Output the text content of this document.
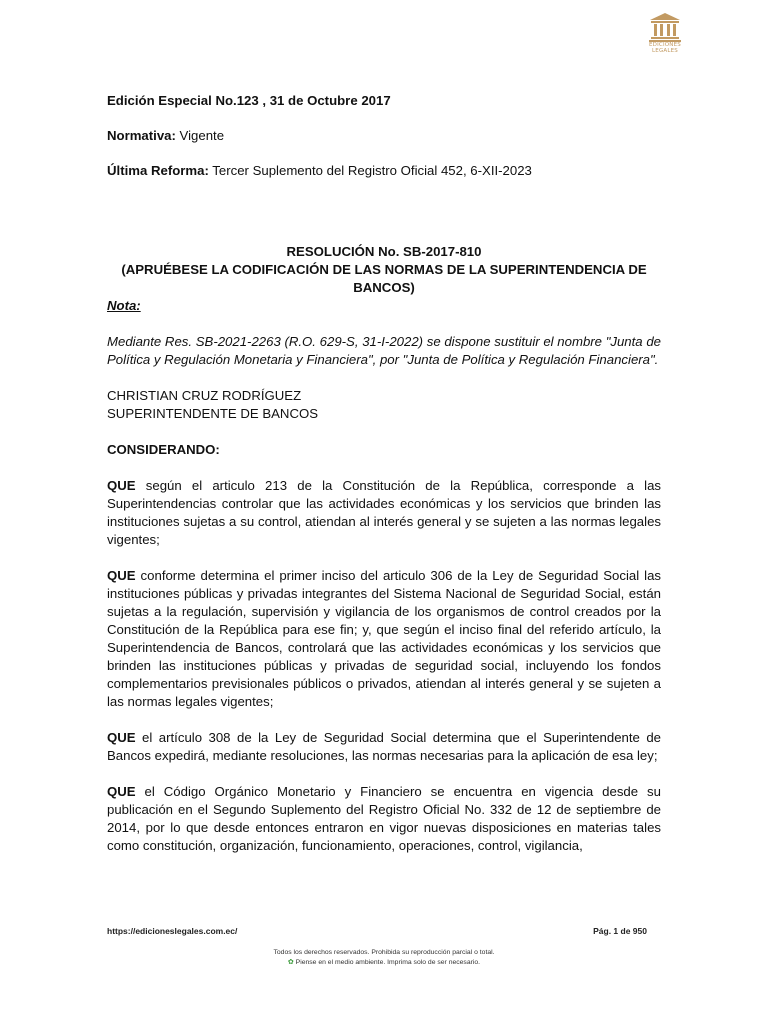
EDICIONES
LEGALES

Edición Especial No.123 , 31 de Octubre 2017

Normativa: Vigente

Última Reforma: Tercer Suplemento del Registro Oficial 452, 6-XII-2023

RESOLUCIÓN No. SB-2017-810

(APRUÉBESE LA CODIFICACIÓN DE LAS NORMAS DE LA SUPERINTENDENCIA DE BANCOS)

Nota:

Mediante Res. SB-2021-2263 (R.O. 629-S, 31-I-2022) se dispone sustituir el nombre "Junta de Política y Regulación Monetaria y Financiera", por "Junta de Política y Regulación Financiera".

CHRISTIAN CRUZ RODRÍGUEZ

SUPERINTENDENTE DE BANCOS

CONSIDERANDO:

QUE según el articulo 213 de la Constitución de la República, corresponde a las Superintendencias controlar que las actividades económicas y los servicios que brinden las instituciones sujetas a su control, atiendan al interés general y se sujeten a las normas legales vigentes;

QUE conforme determina el primer inciso del articulo 306 de la Ley de Seguridad Social las instituciones públicas y privadas integrantes del Sistema Nacional de Seguridad Social, están sujetas a la regulación, supervisión y vigilancia de los organismos de control creados por la Constitución de la República para ese fin; y, que según el inciso final del referido artículo, la Superintendencia de Bancos, controlará que las actividades económicas y los servicios que brinden las instituciones públicas y privadas de seguridad social, incluyendo los fondos complementarios previsionales públicos o privados, atiendan al interés general y se sujeten a las normas legales vigentes;

QUE el artículo 308 de la Ley de Seguridad Social determina que el Superintendente de Bancos expedirá, mediante resoluciones, las normas necesarias para la aplicación de esa ley;

QUE el Código Orgánico Monetario y Financiero se encuentra en vigencia desde su publicación en el Segundo Suplemento del Registro Oficial No. 332 de 12 de septiembre de 2014, por lo que desde entonces entraron en vigor nuevas disposiciones en materias tales como constitución, organización, funcionamiento, operaciones, control, vigilancia,

https://edicioneslegales.com.ec/	Pág. 1 de 950
Todos los derechos reservados. Prohibida su reproducción parcial o total.
✿ Piense en el medio ambiente. Imprima solo de ser necesario.
